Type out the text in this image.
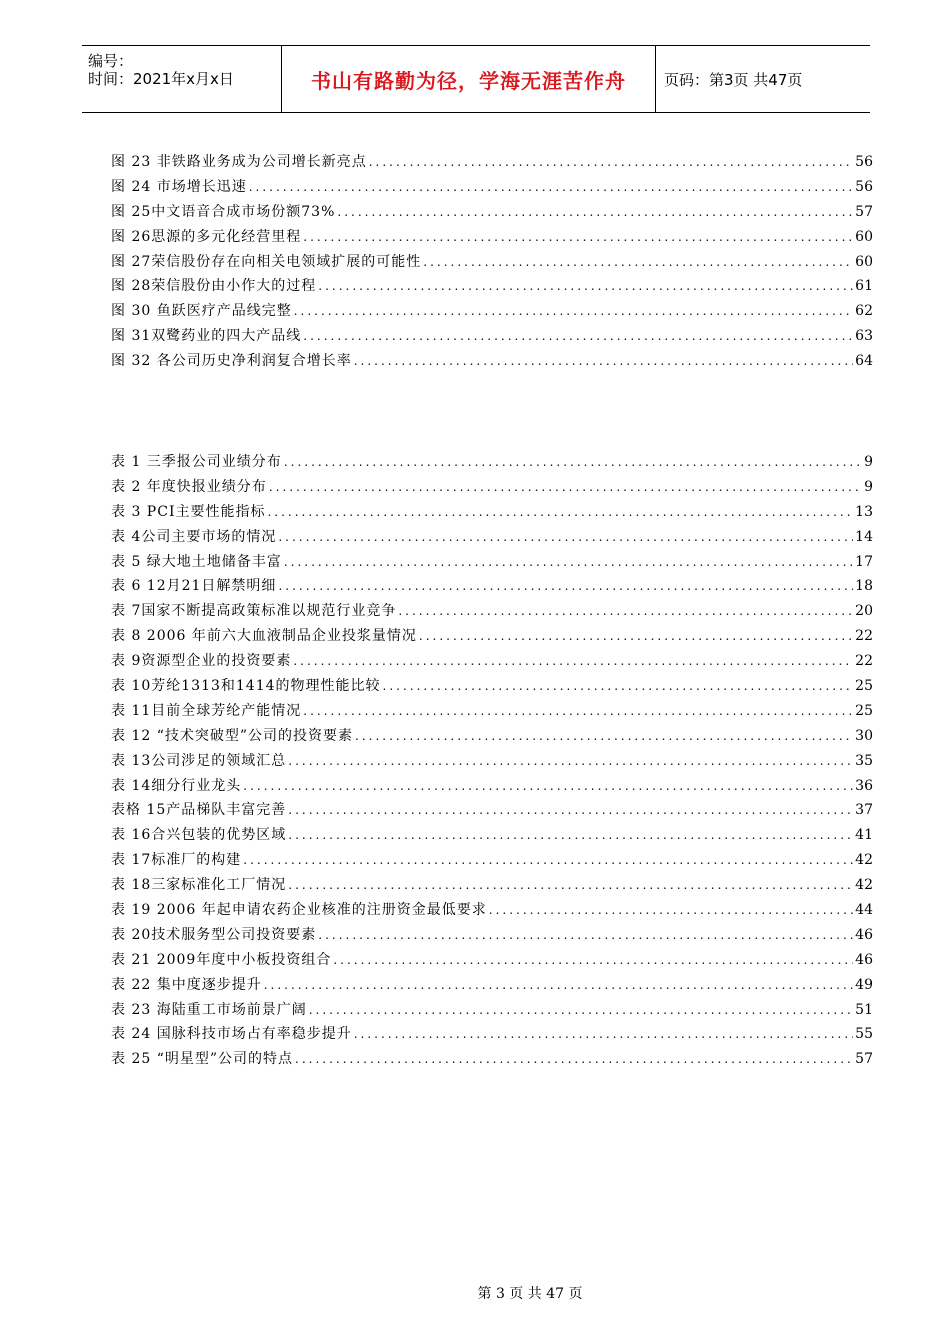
编号：
时间：2021年x月x日	书山有路勤为径，学海无涯苦作舟	页码：第3页 共47页
图 23 非铁路业务成为公司增长新亮点 .....	56
图 24 市场增长迅速 .....	56
图 25中文语音合成市场份额73% .....	57
图 26思源的多元化经营里程 .....	60
图 27荣信股份存在向相关电领域扩展的可能性 .....	60
图 28荣信股份由小作大的过程 .....	61
图 30 鱼跃医疗产品线完整 .....	62
图 31双鹭药业的四大产品线 .....	63
图 32 各公司历史净利润复合增长率 .....	64
表 1 三季报公司业绩分布 .....	9
表 2 年度快报业绩分布 .....	9
表 3 PCI主要性能指标 .....	13
表 4公司主要市场的情况 .....	14
表 5 绿大地土地储备丰富 .....	17
表 6 12月21日解禁明细 .....	18
表 7国家不断提高政策标准以规范行业竞争 .....	20
表 8 2006 年前六大血液制品企业投浆量情况 .....	22
表 9资源型企业的投资要素 .....	22
表 10芳纶1313和1414的物理性能比较 .....	25
表 11目前全球芳纶产能情况 .....	25
表 12 “技术突破型”公司的投资要素 .....	30
表 13公司涉足的领域汇总 .....	35
表 14细分行业龙头 .....	36
表格 15产品梯队丰富完善 .....	37
表 16合兴包装的优势区域 .....	41
表 17标准厂的构建 .....	42
表 18三家标准化工厂情况 .....	42
表 19 2006 年起申请农药企业核准的注册资金最低要求 .....	44
表 20技术服务型公司投资要素 .....	46
表 21 2009年度中小板投资组合 .....	46
表 22 集中度逐步提升 .....	49
表 23 海陆重工市场前景广阔 .....	51
表 24 国脉科技市场占有率稳步提升 .....	55
表 25 “明星型”公司的特点 .....	57
第 3 页 共 47 页
